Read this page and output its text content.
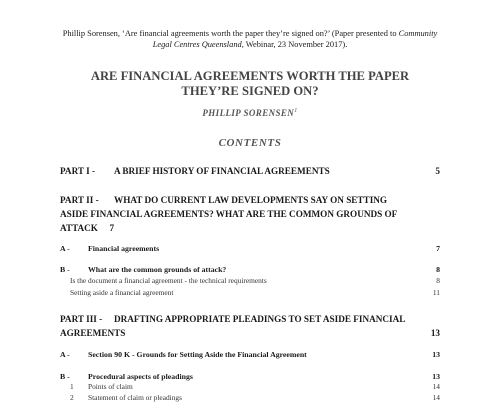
Phillip Sorensen, ‘Are financial agreements worth the paper they’re signed on?’ (Paper presented to Community Legal Centres Queensland, Webinar, 23 November 2017).
ARE FINANCIAL AGREEMENTS WORTH THE PAPER
THEY’RE SIGNED ON?
PHILLIP SORENSEN$^1$
CONTENTS
PART I - A BRIEF HISTORY OF FINANCIAL AGREEMENTS	5
PART II - WHAT DO CURRENT LAW DEVELOPMENTS SAY ON SETTING
ASIDE FINANCIAL AGREEMENTS? WHAT ARE THE COMMON GROUNDS OF
ATTACK 7
A - Financial agreements	7
B - What are the common grounds of attack?	8
Is the document a financial agreement - the technical requirements	8
Setting aside a financial agreement	11
PART III - DRAFTING APPROPRIATE PLEADINGS TO SET ASIDE FINANCIAL
AGREEMENTS	13
A - Section 90 K - Grounds for Setting Aside the Financial Agreement	13
B - Procedural aspects of pleadings	13
1 Points of claim	14
2 Statement of claim or pleadings	14
